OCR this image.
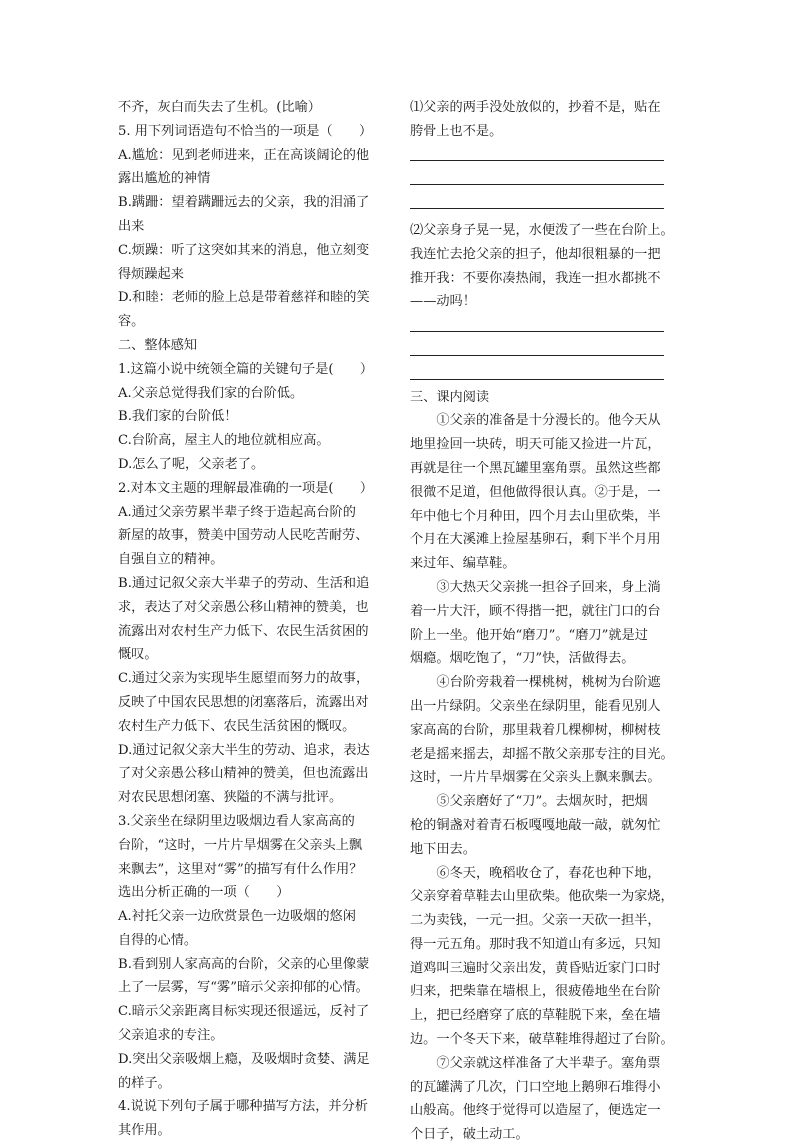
不齐，灰白而失去了生机。(比喻）
5. 用下列词语造句不恰当的一项是（　　）
A.尴尬：见到老师进来，正在高谈阔论的他
露出尴尬的神情
B.蹒跚：望着蹒跚远去的父亲，我的泪涌了
出来
C.烦躁：听了这突如其来的消息，他立刻变
得烦躁起来
D.和睦：老师的脸上总是带着慈祥和睦的笑
容。
二、整体感知
1.这篇小说中统领全篇的关键句子是(　　）
A.父亲总觉得我们家的台阶低。
B.我们家的台阶低！
C.台阶高，屋主人的地位就相应高。
D.怎么了呢，父亲老了。
2.对本文主题的理解最准确的一项是(　　）
A.通过父亲劳累半辈子终于造起高台阶的
新屋的故事，赞美中国劳动人民吃苦耐劳、
自强自立的精神。
B.通过记叙父亲大半辈子的劳动、生活和追
求，表达了对父亲愚公移山精神的赞美，也
流露出对农村生产力低下、农民生活贫困的
慨叹。
C.通过父亲为实现毕生愿望而努力的故事，
反映了中国农民思想的闭塞落后，流露出对
农村生产力低下、农民生活贫困的慨叹。
D.通过记叙父亲大半生的劳动、追求，表达
了对父亲愚公移山精神的赞美，但也流露出
对农民思想闭塞、狭隘的不满与批评。
3.父亲坐在绿阴里边吸烟边看人家高高的
台阶，“这时，一片片旱烟雾在父亲头上飘
来飘去”，这里对“雾”的描写有什么作用？
选出分析正确的一项（　　）
A.衬托父亲一边欣赏景色一边吸烟的悠闲
自得的心情。
B.看到别人家高高的台阶，父亲的心里像蒙
上了一层雾，写“雾”暗示父亲抑郁的心情。
C.暗示父亲距离目标实现还很遥远，反衬了
父亲追求的专注。
D.突出父亲吸烟上瘾，及吸烟时贪婪、满足
的样子。
4.说说下列句子属于哪种描写方法，并分析
其作用。
⑴父亲的两手没处放似的，抄着不是，贴在
胯骨上也不是。
⑵父亲身子晃一晃，水便泼了一些在台阶上。
我连忙去抢父亲的担子，他却很粗暴的一把
推开我：不要你凑热闹，我连一担水都挑不
——动吗！
三、课内阅读
①父亲的准备是十分漫长的。他今天从
地里捡回一块砖，明天可能又捡进一片瓦，
再就是往一个黑瓦罐里塞角票。虽然这些都
很微不足道，但他做得很认真。②于是，一
年中他七个月种田，四个月去山里砍柴，半
个月在大溪滩上捡屋基卵石，剩下半个月用
来过年、编草鞋。
③大热天父亲挑一担谷子回来，身上淌
着一片大汗，顾不得揩一把，就往门口的台
阶上一坐。他开始“磨刀”。“磨刀”就是过
烟瘾。烟吃饱了，“刀”快，活做得去。
④台阶旁栽着一棵桃树，桃树为台阶遮
出一片绿阴。父亲坐在绿阴里，能看见别人
家高高的台阶，那里栽着几棵柳树，柳树枝
老是摇来摇去，却摇不散父亲那专注的目光。
这时，一片片旱烟雾在父亲头上飘来飘去。
⑤父亲磨好了“刀”。去烟灰时，把烟
枪的铜盏对着青石板嘎嘎地敲一敲，就匆忙
地下田去。
⑥冬天，晚稻收仓了，春花也种下地，
父亲穿着草鞋去山里砍柴。他砍柴一为家烧，
二为卖钱，一元一担。父亲一天砍一担半，
得一元五角。那时我不知道山有多远，只知
道鸡叫三遍时父亲出发，黄昏贴近家门口时
归来，把柴靠在墙根上，很疲倦地坐在台阶
上，把已经磨穿了底的草鞋脱下来，垒在墙
边。一个冬天下来，破草鞋堆得超过了台阶。
⑦父亲就这样准备了大半辈子。塞角票
的瓦罐满了几次，门口空地上鹅卵石堆得小
山般高。他终于觉得可以造屋了，便选定一
个日子，破土动工。
